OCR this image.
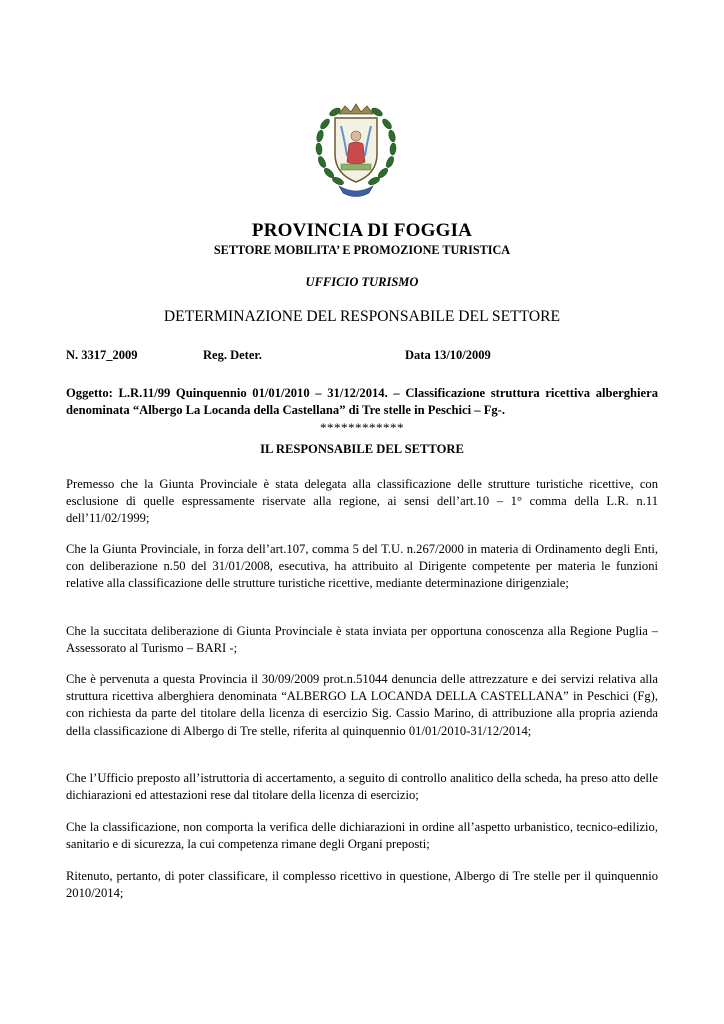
PROVINCIA DI FOGGIA
SETTORE MOBILITA’ E PROMOZIONE TURISTICA
UFFICIO TURISMO
DETERMINAZIONE DEL RESPONSABILE DEL SETTORE
N. 3317_2009	Reg. Deter.	Data 13/10/2009
Oggetto: L.R.11/99 Quinquennio 01/01/2010 – 31/12/2014. – Classificazione struttura ricettiva alberghiera denominata “Albergo La Locanda della Castellana” di Tre stelle in Peschici – Fg-.
************
IL RESPONSABILE DEL SETTORE

Premesso che la Giunta Provinciale è stata delegata alla classificazione delle strutture turistiche ricettive, con esclusione di quelle espressamente riservate alla regione, ai sensi dell’art.10 – 1° comma della L.R. n.11 dell’11/02/1999;

Che la Giunta Provinciale, in forza dell’art.107, comma 5 del T.U. n.267/2000 in materia di Ordinamento degli Enti, con deliberazione n.50 del 31/01/2008, esecutiva, ha attribuito al Dirigente competente per materia le funzioni relative alla classificazione delle strutture turistiche ricettive, mediante determinazione dirigenziale;

Che la succitata deliberazione di Giunta Provinciale è stata inviata per opportuna conoscenza alla Regione Puglia – Assessorato al Turismo – BARI -;

Che è pervenuta a questa Provincia il 30/09/2009 prot.n.51044 denuncia delle attrezzature e dei servizi relativa alla struttura ricettiva alberghiera denominata “ALBERGO LA LOCANDA DELLA CASTELLANA” in Peschici (Fg), con richiesta da parte del titolare della licenza di esercizio Sig. Cassio Marino, di attribuzione alla propria azienda della classificazione di Albergo di Tre stelle, riferita al quinquennio 01/01/2010-31/12/2014;

Che l’Ufficio preposto all’istruttoria di accertamento, a seguito di controllo analitico della scheda, ha preso atto delle dichiarazioni ed attestazioni rese dal titolare della licenza di esercizio;

Che la classificazione, non comporta la verifica delle dichiarazioni in ordine all’aspetto urbanistico, tecnico-edilizio, sanitario e di sicurezza, la cui competenza rimane degli Organi preposti;

Ritenuto, pertanto, di poter classificare, il complesso ricettivo in questione, Albergo di Tre stelle per il quinquennio 2010/2014;
